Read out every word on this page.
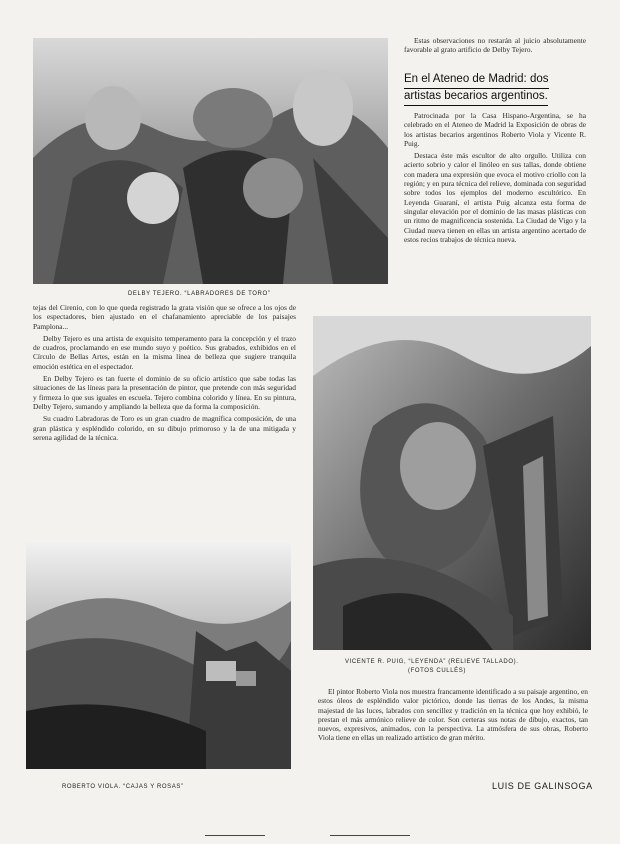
DELBY TEJERO. “LABRADORES DE TORO”

Estas observaciones no restarán al juicio absolutamente favorable al grato artificio de Delby Tejero.

En el Ateneo de Madrid: dos
artistas becarios argentinos.

Patrocinada por la Casa Hispano-Argentina, se ha celebrado en el Ateneo de Madrid la Exposición de obras de los artistas becarios argentinos Roberto Viola y Vicente R. Puig.

Destaca éste más escultor de alto orgullo. Utiliza con acierto sobrio y calor el linóleo en sus tallas, donde obtiene con madera una expresión que evoca el motivo criollo con la región; y en pura técnica del relieve, dominada con seguridad sobre todos los ejemplos del moderno escultórico. En Leyenda Guaraní, el artista Puig alcanza esta forma de singular elevación por el dominio de las masas plásticas con un ritmo de magnificencia sostenida. La Ciudad de Vigo y la Ciudad nueva tienen en ellas un artista argentino acertado de estos recios trabajos de técnica nueva.

tejas del Cirenio, con lo que queda registrado la grata visión que se ofrece a los ojos de los espectadores, bien ajustado en el chafanamiento apreciable de los paisajes Pamplona...

Delby Tejero es una artista de exquisito temperamento para la concepción y el trazo de cuadros, proclamando en ese mundo suyo y poético. Sus grabados, exhibidos en el Círculo de Bellas Artes, están en la misma línea de belleza que sugiere tranquila emoción estética en el espectador.

En Delby Tejero es tan fuerte el dominio de su oficio artístico que sabe todas las situaciones de las líneas para la presentación de pintor, que pretende con más seguridad y firmeza lo que sus iguales en escuela. Tejero combina colorido y línea. En su pintura, Delby Tejero, sumando y ampliando la belleza que da forma la composición.

Su cuadro Labradoras de Toro es un gran cuadro de magnífica composición, de una gran plástica y espléndido colorido, en su dibujo primoroso y la de una mitigada y serena agilidad de la técnica.

VICENTE R. PUIG, “LEYENDA” (RELIEVE TALLADO).
(FOTOS CULLÉS)
ROBERTO VIOLA. “CAJAS Y ROSAS”

El pintor Roberto Viola nos muestra francamente identificado a su paisaje argentino, en estos óleos de espléndido valor pictórico, donde las tierras de los Andes, la misma majestad de las luces, labrados con sencillez y tradición en la técnica que hoy exhibió, le prestan el más armónico relieve de color. Son certeras sus notas de dibujo, exactos, tan nuevos, expresivos, animados, con la perspectiva. La atmósfera de sus obras, Roberto Viola tiene en ellas un realizado artístico de gran mérito.

LUIS DE GALINSOGA
